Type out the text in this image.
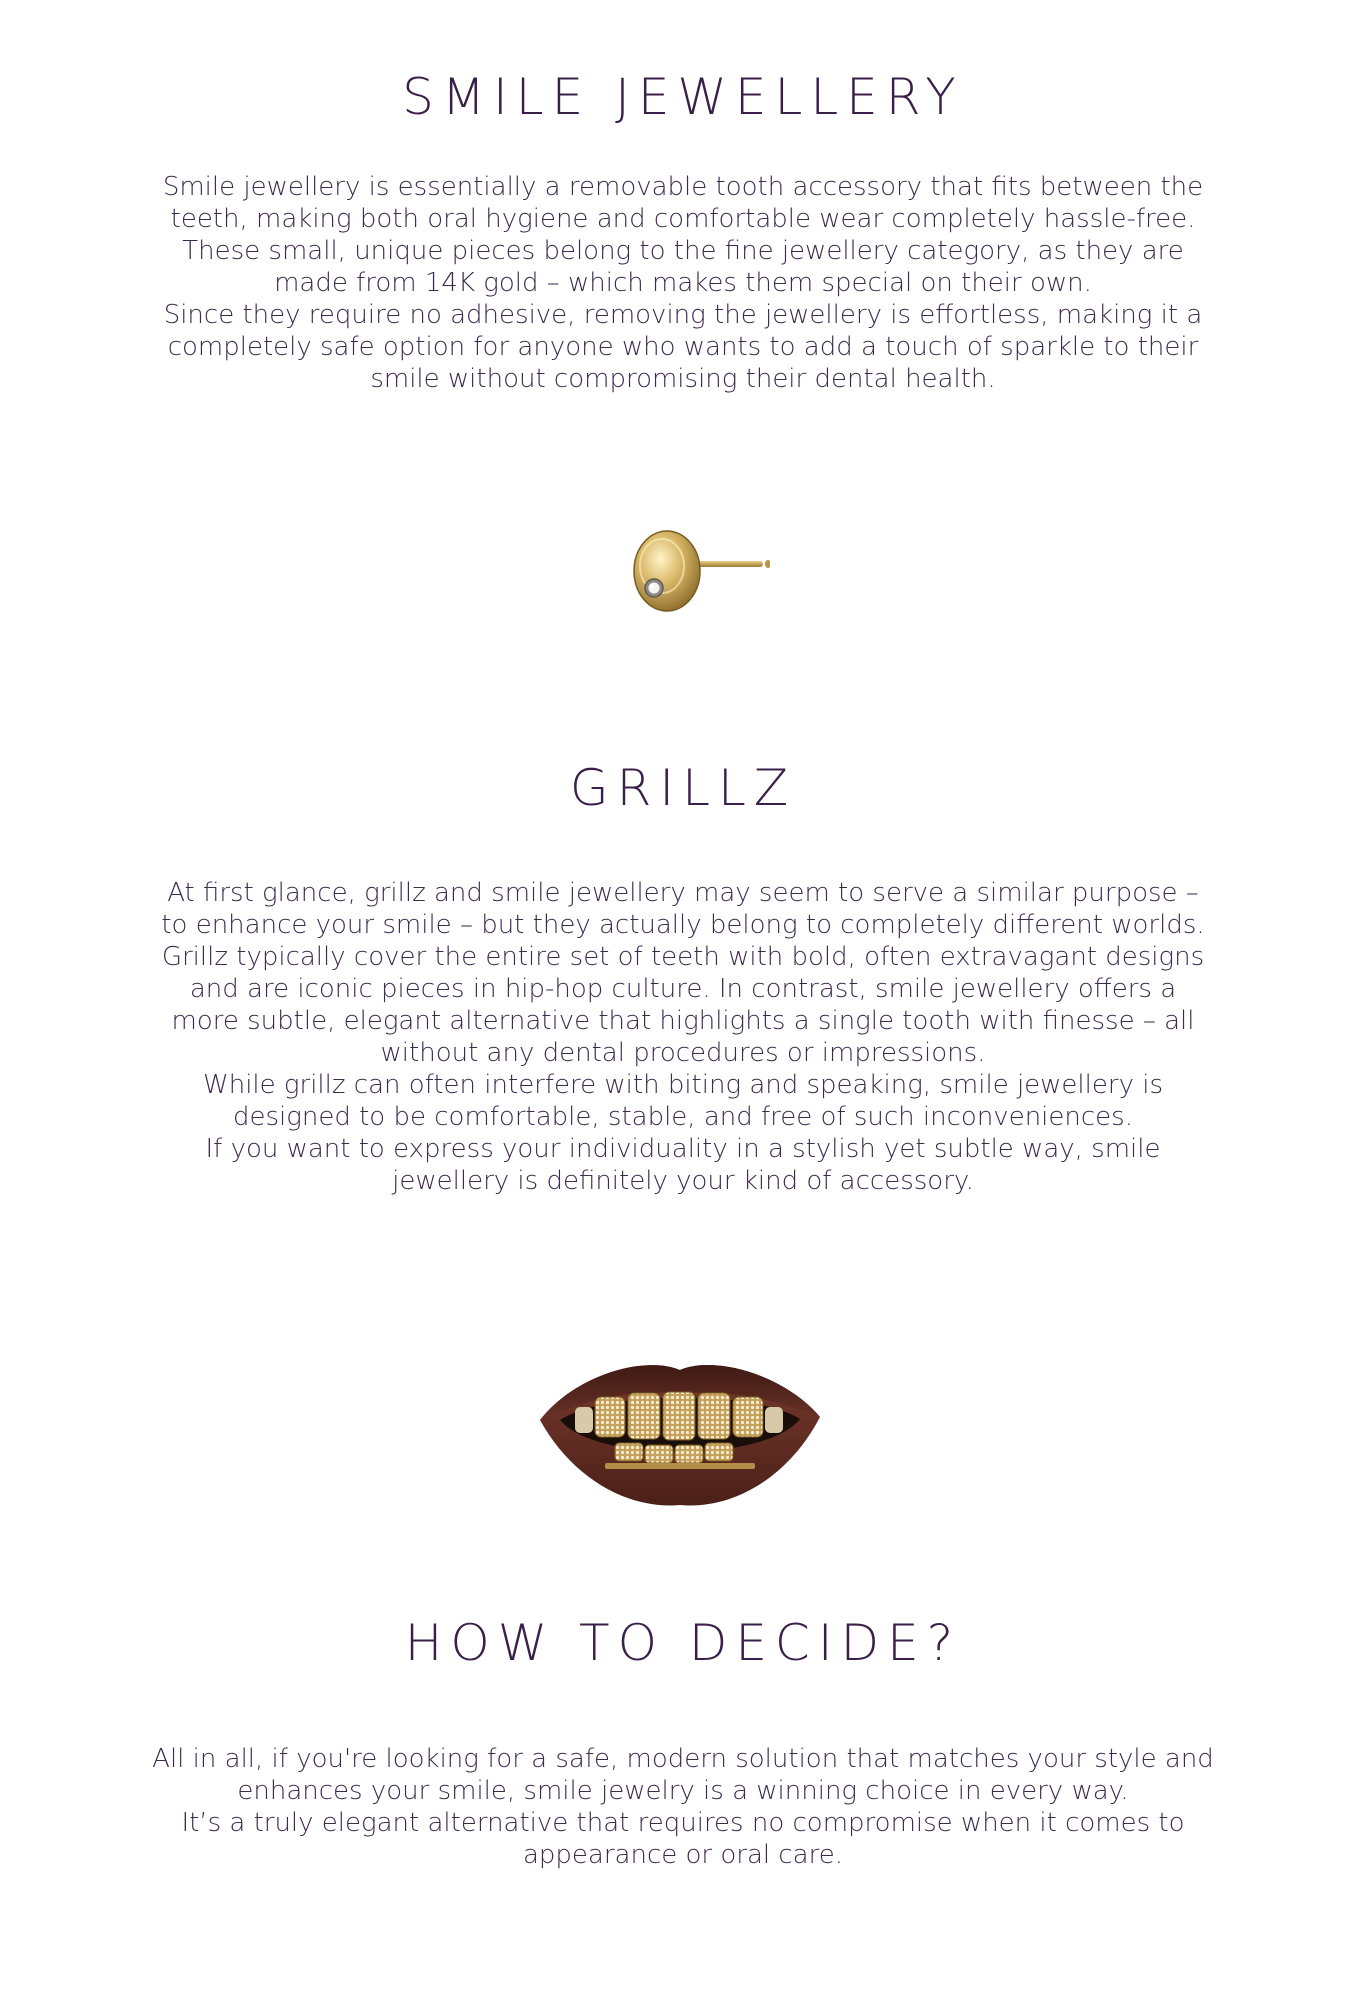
SMILE JEWELLERY

Smile jewellery is essentially a removable tooth accessory that fits between the
teeth, making both oral hygiene and comfortable wear completely hassle-free.
These small, unique pieces belong to the fine jewellery category, as they are
made from 14K gold – which makes them special on their own.
Since they require no adhesive, removing the jewellery is effortless, making it a
completely safe option for anyone who wants to add a touch of sparkle to their
smile without compromising their dental health.

GRILLZ

At first glance, grillz and smile jewellery may seem to serve a similar purpose –
to enhance your smile – but they actually belong to completely different worlds.
Grillz typically cover the entire set of teeth with bold, often extravagant designs
and are iconic pieces in hip-hop culture. In contrast, smile jewellery offers a
more subtle, elegant alternative that highlights a single tooth with finesse – all
without any dental procedures or impressions.
While grillz can often interfere with biting and speaking, smile jewellery is
designed to be comfortable, stable, and free of such inconveniences.
If you want to express your individuality in a stylish yet subtle way, smile
jewellery is definitely your kind of accessory.

HOW TO DECIDE?

All in all, if you're looking for a safe, modern solution that matches your style and
enhances your smile, smile jewelry is a winning choice in every way.
It’s a truly elegant alternative that requires no compromise when it comes to
appearance or oral care.
